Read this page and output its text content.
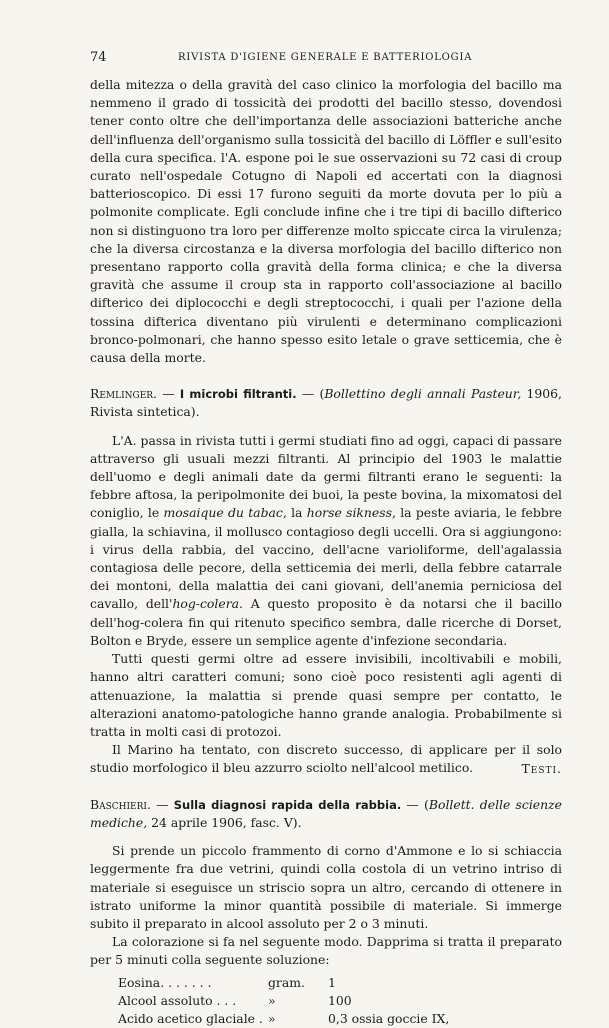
74	RIVISTA D'IGIENE GENERALE E BATTERIOLOGIA

della mitezza o della gravità del caso clinico la morfologia del bacillo ma nemmeno il grado di tossicità dei prodotti del bacillo stesso, dovendosi tener conto oltre che dell'importanza delle associazioni batteriche anche dell'influenza dell'organismo sulla tossicità del bacillo di Löffler e sull'esito della cura specifica. l'A. espone poi le sue osservazioni su 72 casi di croup curato nell'ospedale Cotugno di Napoli ed accertati con la diagnosi batterioscopico. Di essi 17 furono seguiti da morte dovuta per lo più a polmonite complicate. Egli conclude infine che i tre tipi di bacillo difterico non si distinguono tra loro per differenze molto spiccate circa la virulenza; che la diversa circostanza e la diversa morfologia del bacillo difterico non presentano rapporto colla gravità della forma clinica; e che la diversa gravità che assume il croup sta in rapporto coll'associazione al bacillo difterico dei diplococchi e degli streptococchi, i quali per l'azione della tossina difterica diventano più virulenti e determinano complicazioni bronco-polmonari, che hanno spesso esito letale o grave setticemia, che è causa della morte.

Remlinger. — I microbi filtranti. — (Bollettino degli annali Pasteur, 1906, Rivista sintetica).

L'A. passa in rivista tutti i germi studiati fino ad oggi, capaci di passare attraverso gli usuali mezzi filtranti. Al principio del 1903 le malattie dell'uomo e degli animali date da germi filtranti erano le seguenti: la febbre aftosa, la peripolmonite dei buoi, la peste bovina, la mixomatosi del coniglio, le mosaique du tabac, la horse sikness, la peste aviaria, le febbre gialla, la schiavina, il mollusco contagioso degli uccelli. Ora si aggiungono: i virus della rabbia, del vaccino, dell'acne varioliforme, dell'agalassia contagiosa delle pecore, della setticemia dei merli, della febbre catarrale dei montoni, della malattia dei cani giovani, dell'anemia perniciosa del cavallo, dell'hog-colera. A questo proposito è da notarsi che il bacillo dell'hog-colera fin qui ritenuto specifico sembra, dalle ricerche di Dorset, Bolton e Bryde, essere un semplice agente d'infezione secondaria.

Tutti questi germi oltre ad essere invisibili, incoltivabili e mobili, hanno altri caratteri comuni; sono cioè poco resistenti agli agenti di attenuazione, la malattia si prende quasi sempre per contatto, le alterazioni anatomo-patologiche hanno grande analogia. Probabilmente si tratta in molti casi di protozoi.

Il Marino ha tentato, con discreto successo, di applicare per il solo studio morfologico il bleu azzurro sciolto nell'alcool metilico.	Testi.

Baschieri. — Sulla diagnosi rapida della rabbia. — (Bollett. delle scienze mediche, 24 aprile 1906, fasc. V).

Si prende un piccolo frammento di corno d'Ammone e lo si schiaccia leggermente fra due vetrini, quindi colla costola di un vetrino intriso di materiale si eseguisce un striscio sopra un altro, cercando di ottenere in istrato uniforme la minor quantità possibile di materiale. Si immerge subito il preparato in alcool assoluto per 2 o 3 minuti.

La colorazione si fa nel seguente modo. Dapprima si tratta il preparato per 5 minuti colla seguente soluzione:

Eosina. . . . . . .	gram.	1
Alcool assoluto . . .	»	100
Acido acetico glaciale . »	0,3 ossia goccie IX,
